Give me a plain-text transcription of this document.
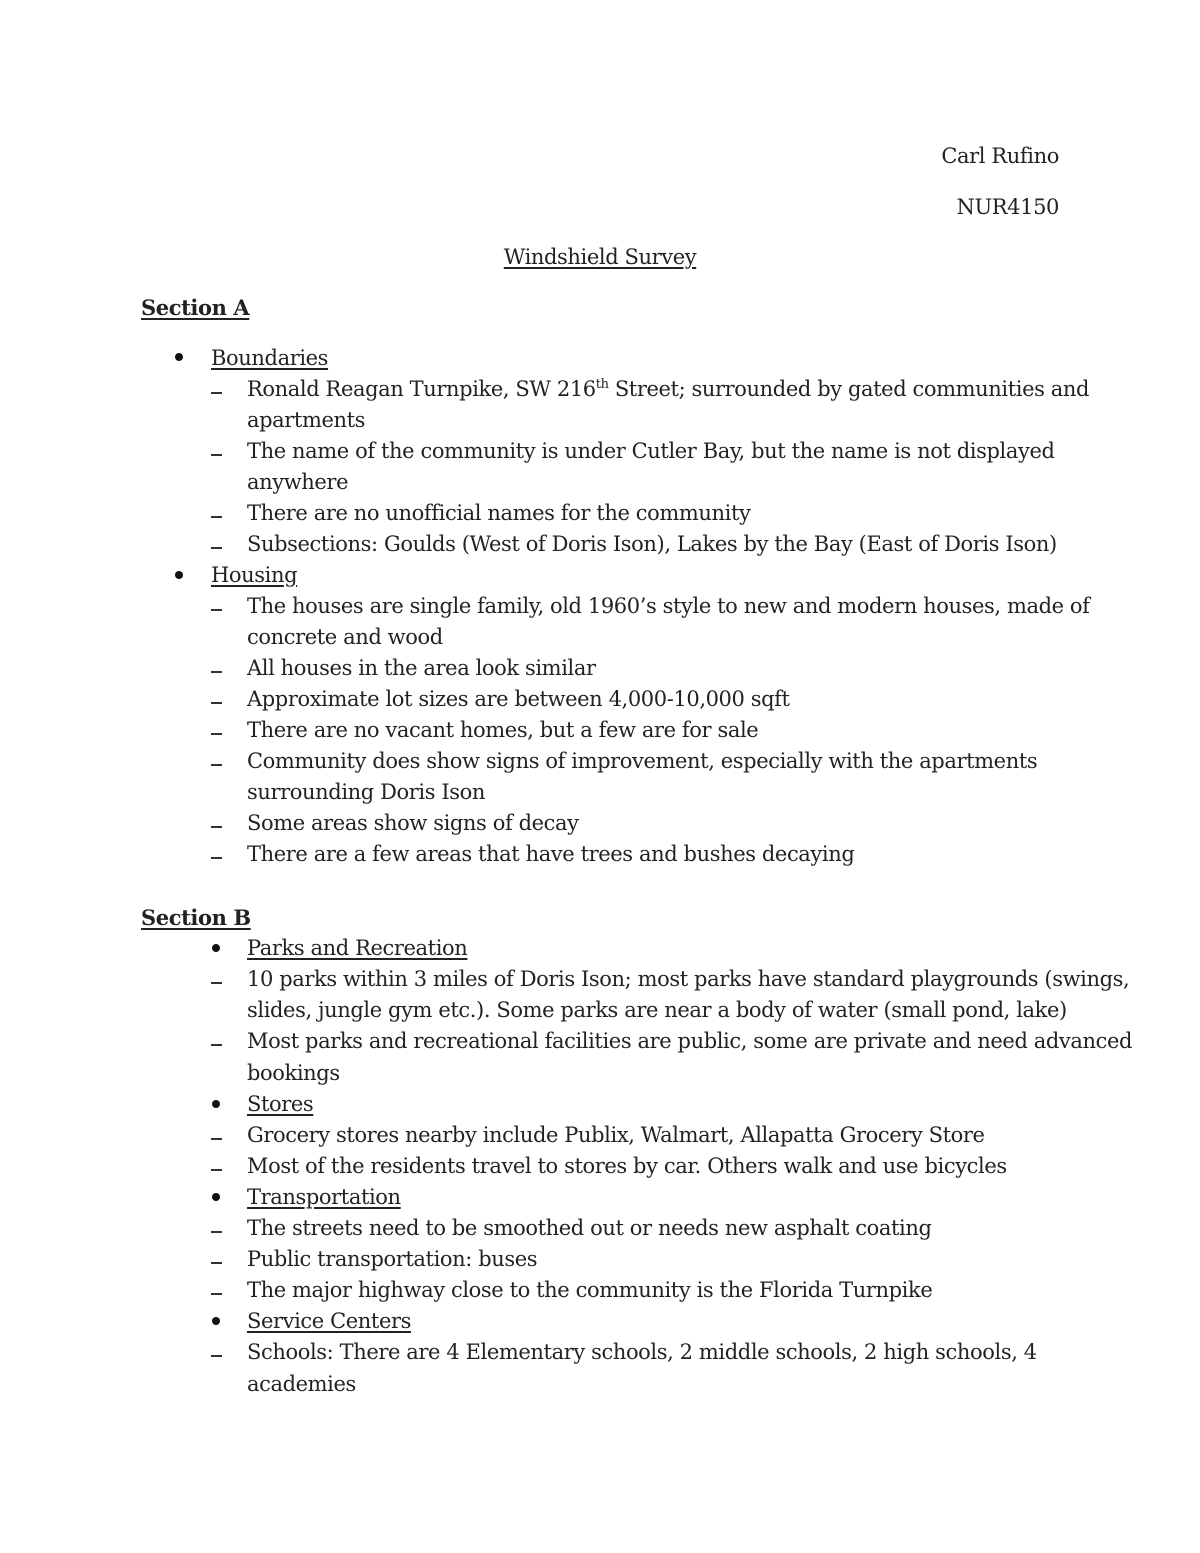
Carl Rufino
NUR4150
Windshield Survey
Section A
Boundaries
Ronald Reagan Turnpike, SW 216th Street; surrounded by gated communities and
apartments
The name of the community is under Cutler Bay, but the name is not displayed
anywhere
There are no unofficial names for the community
Subsections: Goulds (West of Doris Ison), Lakes by the Bay (East of Doris Ison)
Housing
The houses are single family, old 1960’s style to new and modern houses, made of
concrete and wood
All houses in the area look similar
Approximate lot sizes are between 4,000-10,000 sqft
There are no vacant homes, but a few are for sale
Community does show signs of improvement, especially with the apartments
surrounding Doris Ison
Some areas show signs of decay
There are a few areas that have trees and bushes decaying
Section B
Parks and Recreation
10 parks within 3 miles of Doris Ison; most parks have standard playgrounds (swings,
slides, jungle gym etc.). Some parks are near a body of water (small pond, lake)
Most parks and recreational facilities are public, some are private and need advanced
bookings
Stores
Grocery stores nearby include Publix, Walmart, Allapatta Grocery Store
Most of the residents travel to stores by car. Others walk and use bicycles
Transportation
The streets need to be smoothed out or needs new asphalt coating
Public transportation: buses
The major highway close to the community is the Florida Turnpike
Service Centers
Schools: There are 4 Elementary schools, 2 middle schools, 2 high schools, 4
academies
